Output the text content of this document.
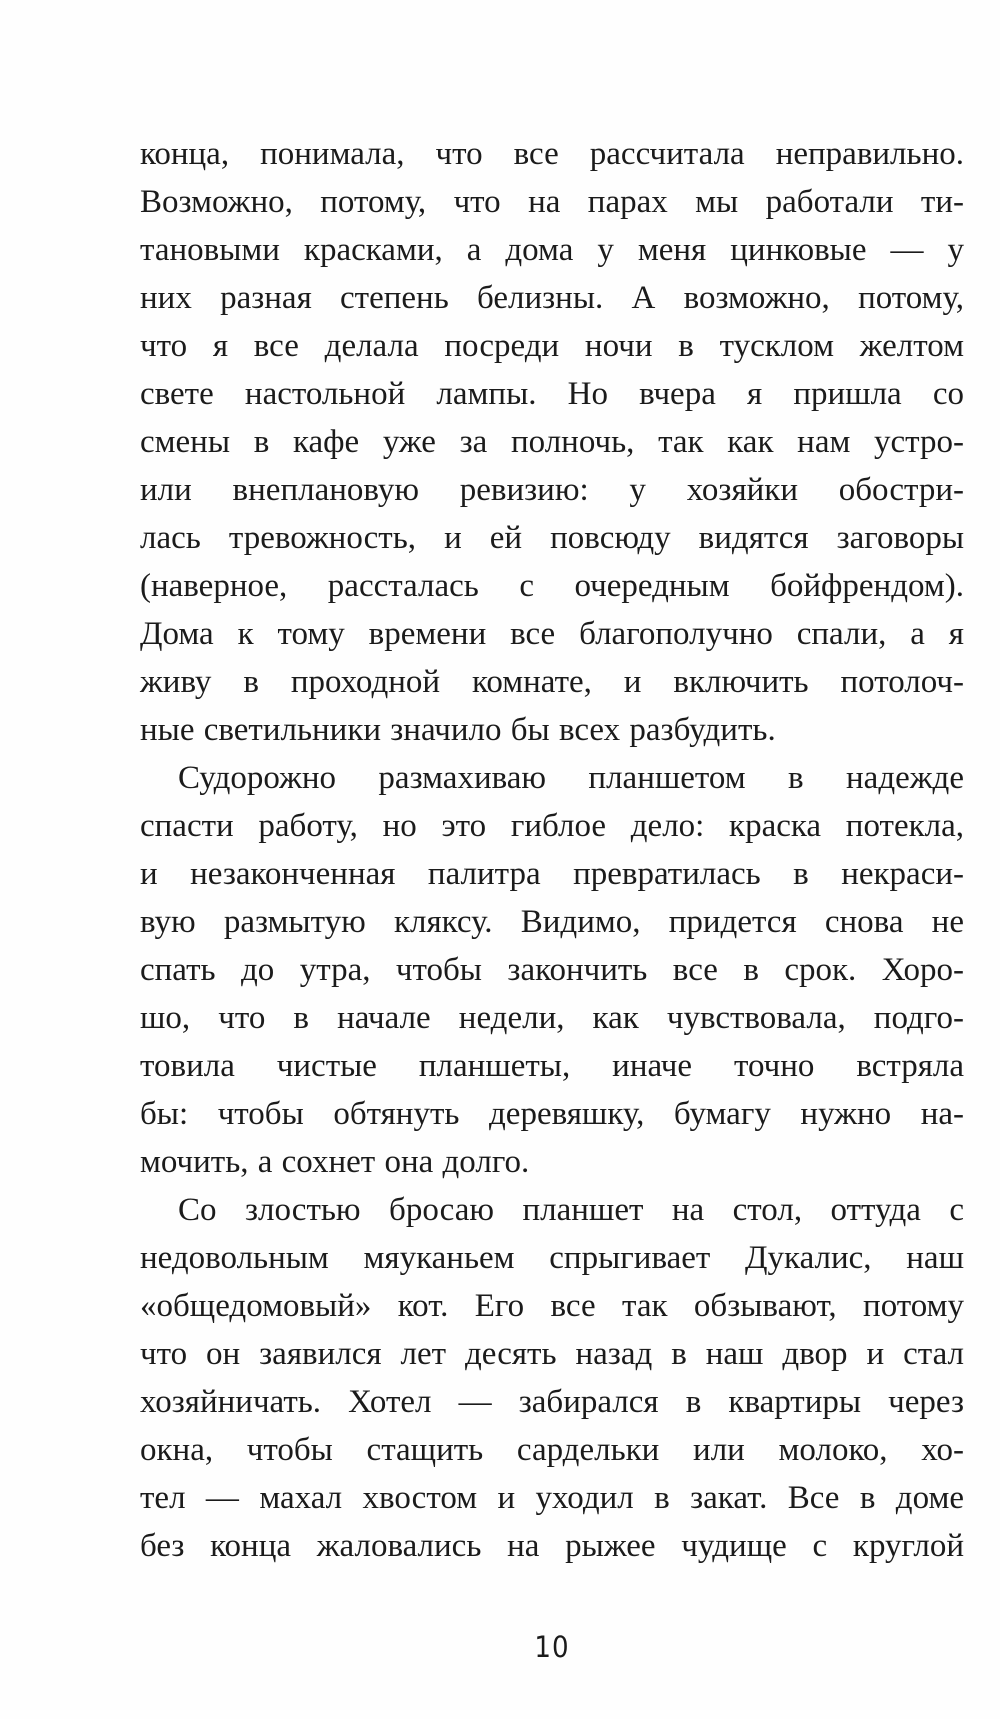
конца, понимала, что все рассчитала неправильно.
Возможно, потому, что на парах мы работали ти-
тановыми красками, а дома у меня цинковые — у
них разная степень белизны. А возможно, потому,
что я все делала посреди ночи в тусклом желтом
свете настольной лампы. Но вчера я пришла со
смены в кафе уже за полночь, так как нам устро-
или внеплановую ревизию: у хозяйки обостри-
лась тревожность, и ей повсюду видятся заговоры
(наверное, рассталась с очередным бойфрендом).
Дома к тому времени все благополучно спали, а я
живу в проходной комнате, и включить потолоч-
ные светильники значило бы всех разбудить.
Судорожно размахиваю планшетом в надежде
спасти работу, но это гиблое дело: краска потекла,
и незаконченная палитра превратилась в некраси-
вую размытую кляксу. Видимо, придется снова не
спать до утра, чтобы закончить все в срок. Хоро-
шо, что в начале недели, как чувствовала, подго-
товила чистые планшеты, иначе точно встряла
бы: чтобы обтянуть деревяшку, бумагу нужно на-
мочить, а сохнет она долго.
Со злостью бросаю планшет на стол, оттуда с
недовольным мяуканьем спрыгивает Дукалис, наш
«общедомовый» кот. Его все так обзывают, потому
что он заявился лет десять назад в наш двор и стал
хозяйничать. Хотел — забирался в квартиры через
окна, чтобы стащить сардельки или молоко, хо-
тел — махал хвостом и уходил в закат. Все в доме
без конца жаловались на рыжее чудище с круглой
10
